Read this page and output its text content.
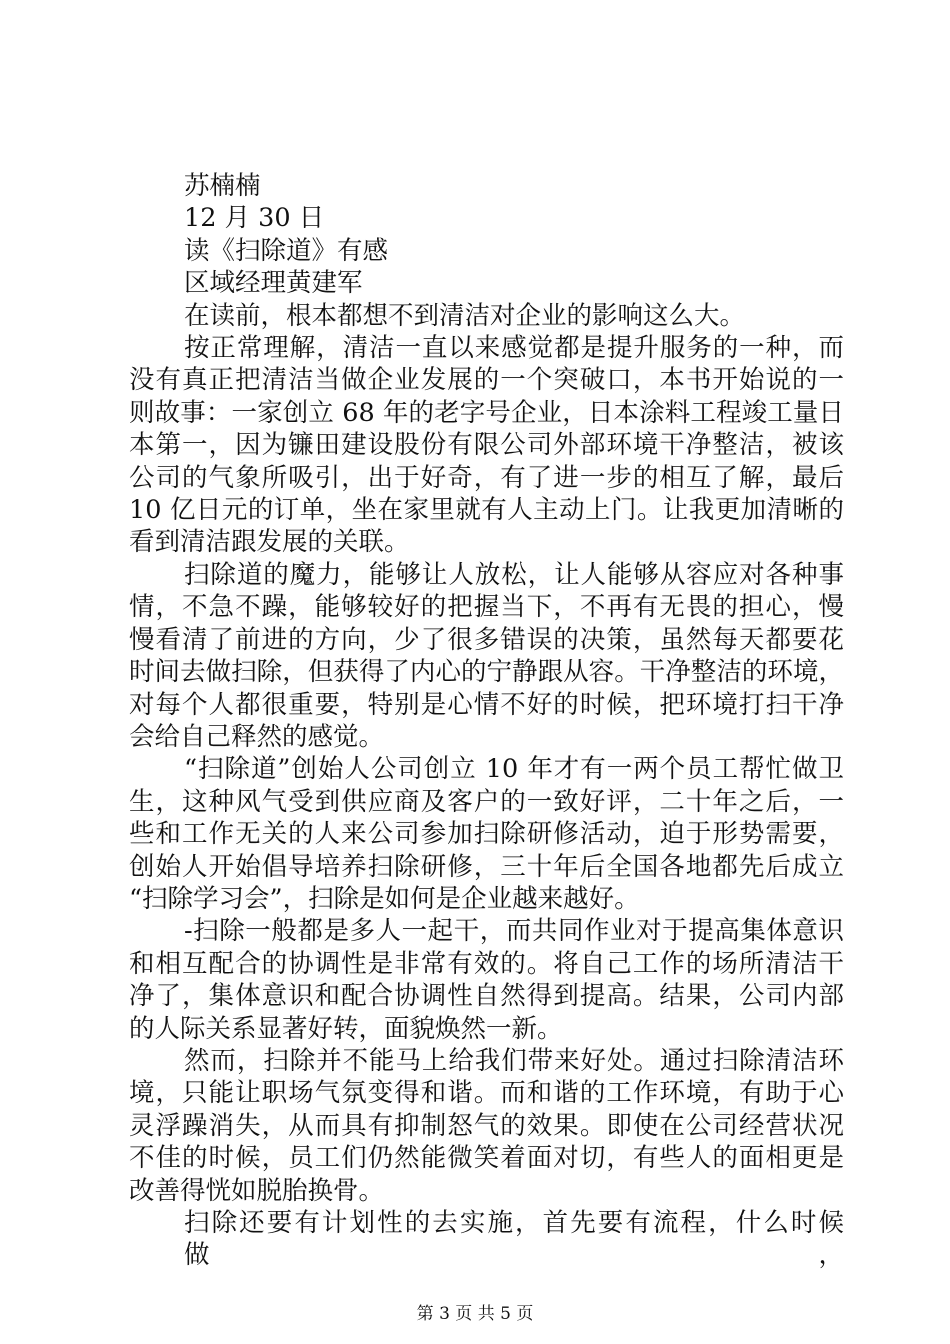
苏楠楠
12 月 30 日
读《扫除道》有感
区域经理黄建军
在读前，根本都想不到清洁对企业的影响这么大。
按正常理解，清洁一直以来感觉都是提升服务的一种，而
没有真正把清洁当做企业发展的一个突破口，本书开始说的一
则故事：一家创立 68 年的老字号企业，日本涂料工程竣工量日
本第一，因为镰田建设股份有限公司外部环境干净整洁，被该
公司的气象所吸引，出于好奇，有了进一步的相互了解，最后
10 亿日元的订单，坐在家里就有人主动上门。让我更加清晰的
看到清洁跟发展的关联。
扫除道的魔力，能够让人放松，让人能够从容应对各种事
情，不急不躁，能够较好的把握当下，不再有无畏的担心，慢
慢看清了前进的方向，少了很多错误的决策，虽然每天都要花
时间去做扫除，但获得了内心的宁静跟从容。干净整洁的环境，
对每个人都很重要，特别是心情不好的时候，把环境打扫干净
会给自己释然的感觉。
“扫除道”创始人公司创立 10 年才有一两个员工帮忙做卫
生，这种风气受到供应商及客户的一致好评，二十年之后，一
些和工作无关的人来公司参加扫除研修活动，迫于形势需要，
创始人开始倡导培养扫除研修，三十年后全国各地都先后成立
“扫除学习会”，扫除是如何是企业越来越好。
-扫除一般都是多人一起干，而共同作业对于提高集体意识
和相互配合的协调性是非常有效的。将自己工作的场所清洁干
净了，集体意识和配合协调性自然得到提高。结果，公司内部
的人际关系显著好转，面貌焕然一新。
然而，扫除并不能马上给我们带来好处。通过扫除清洁环
境，只能让职场气氛变得和谐。而和谐的工作环境，有助于心
灵浮躁消失，从而具有抑制怒气的效果。即使在公司经营状况
不佳的时候，员工们仍然能微笑着面对切，有些人的面相更是
改善得恍如脱胎换骨。
扫除还要有计划性的去实施，首先要有流程，什么时候做，
第 3 页 共 5 页
